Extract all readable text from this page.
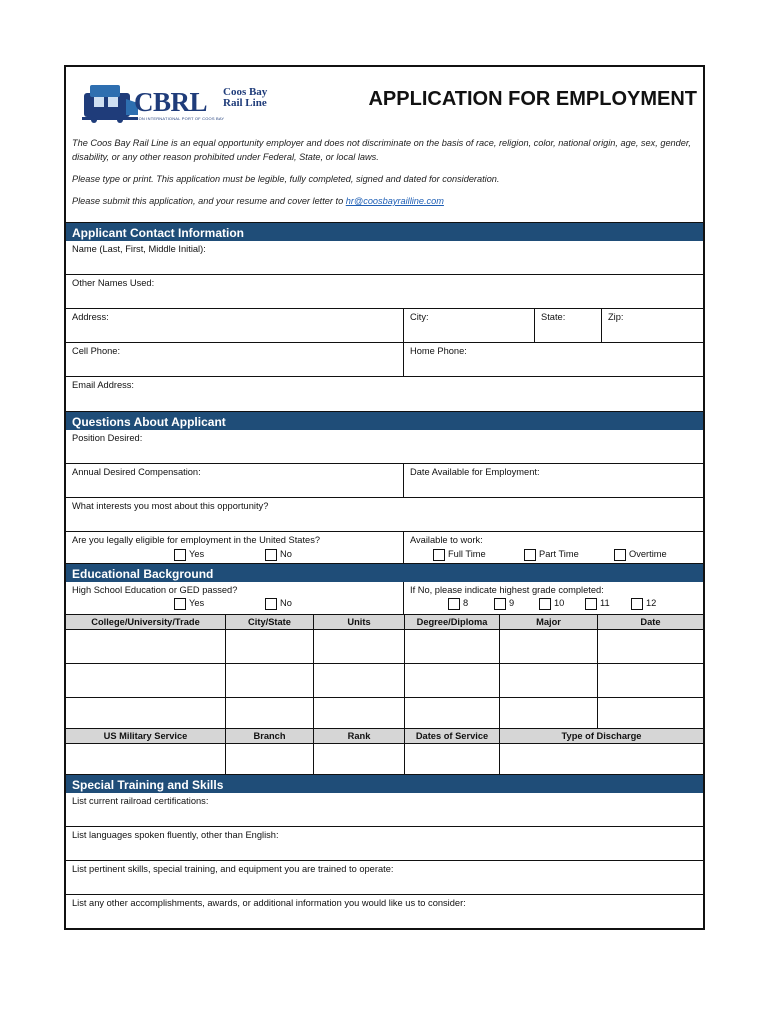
CBRL Coos Bay
Rail Line
OREGON INTERNATIONAL PORT OF COOS BAY
APPLICATION FOR EMPLOYMENT
The Coos Bay Rail Line is an equal opportunity employer and does not discriminate on the basis of race, religion, color, national origin, age, sex, gender, disability, or any other reason prohibited under Federal, State, or local laws.
Please type or print. This application must be legible, fully completed, signed and dated for consideration.
Please submit this application, and your resume and cover letter to hr@coosbayrailline.com
Applicant Contact Information
Name (Last, First, Middle Initial):
Other Names Used:
Address:	City:	State:	Zip:
Cell Phone:	Home Phone:
Email Address:
Questions About Applicant
Position Desired:
Annual Desired Compensation:	Date Available for Employment:
What interests you most about this opportunity?
Are you legally eligible for employment in the United States?	Available to work:
Yes	No	Full Time	Part Time	Overtime
Educational Background
High School Education or GED passed?	If No, please indicate highest grade completed:
Yes	No	8	9	10	11	12
College/University/Trade	City/State	Units	Degree/Diploma	Major	Date
US Military Service	Branch	Rank	Dates of Service	Type of Discharge
Special Training and Skills
List current railroad certifications:
List languages spoken fluently, other than English:
List pertinent skills, special training, and equipment you are trained to operate:
List any other accomplishments, awards, or additional information you would like us to consider:
